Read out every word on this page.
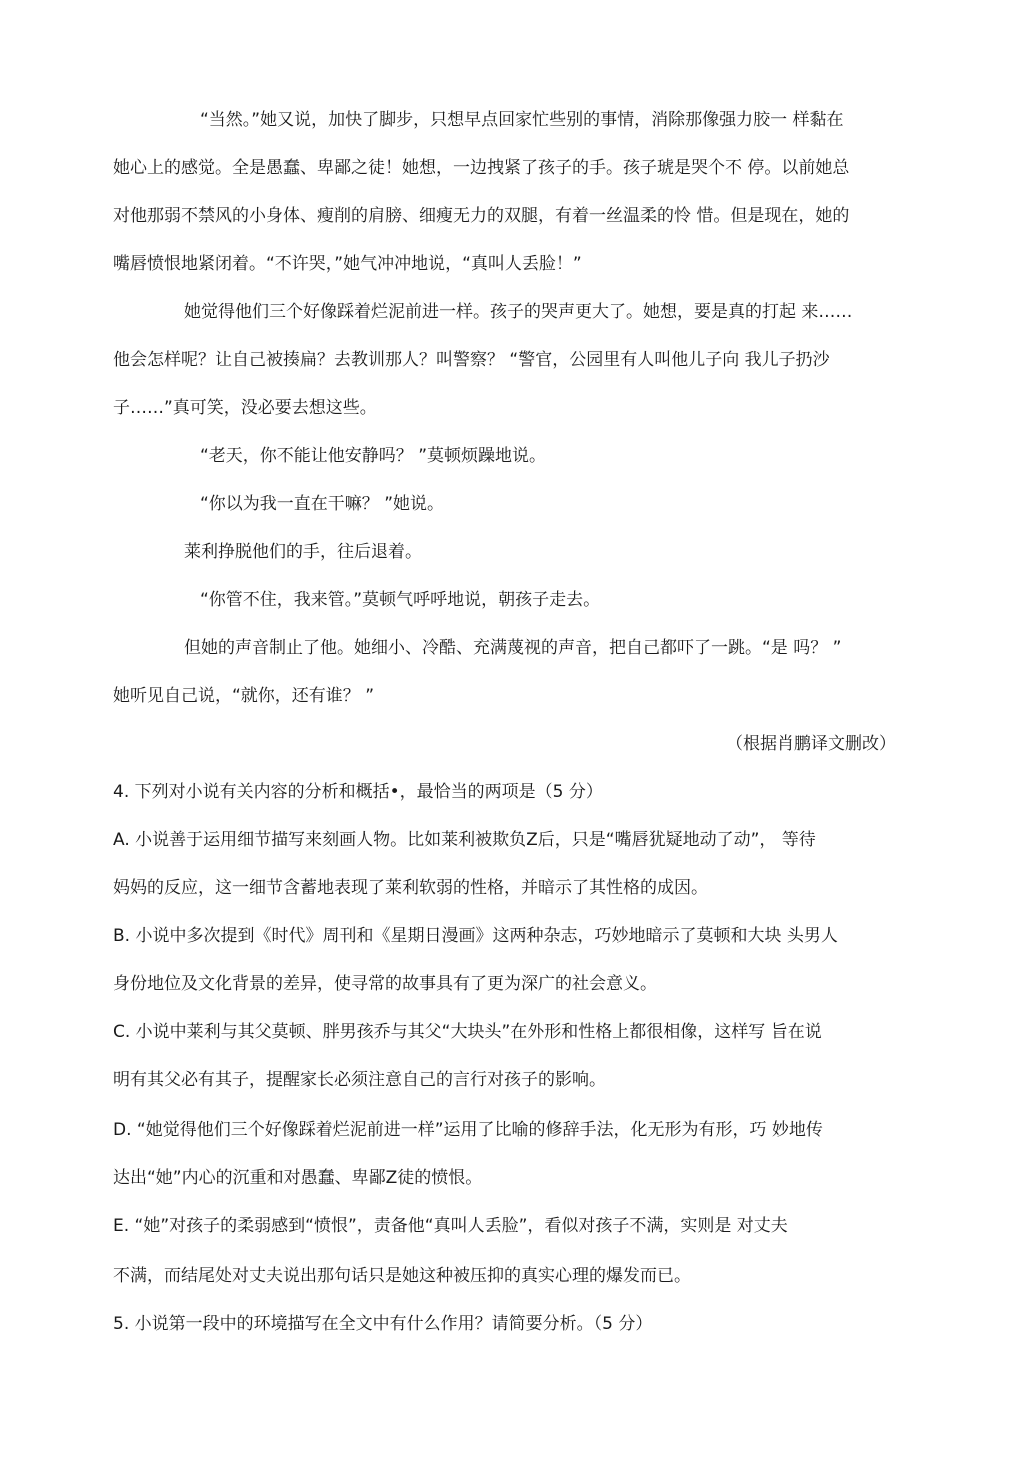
“当然。”她又说，加快了脚步，只想早点回家忙些别的事情，消除那像强力胶一 样黏在
她心上的感觉。全是愚蠢、卑鄙之徒！她想，一边拽紧了孩子的手。孩子琥是哭个不 停。以前她总
对他那弱不禁风的小身体、瘦削的肩膀、细瘦无力的双腿，有着一丝温柔的怜 惜。但是现在，她的
嘴唇愤恨地紧闭着。“不许哭，”她气冲冲地说，“真叫人丢脸！”
她觉得他们三个好像踩着烂泥前进一样。孩子的哭声更大了。她想，要是真的打起 来……
他会怎样呢？让自己被揍扁？去教训那人？叫警察？ “警官，公园里有人叫他儿子向 我儿子扔沙
子……”真可笑，没必要去想这些。
“老天，你不能让他安静吗？ ”莫顿烦躁地说。
“你以为我一直在干嘛？ ”她说。
莱利挣脱他们的手，往后退着。
“你管不住，我来管。”莫顿气呼呼地说，朝孩子走去。
但她的声音制止了他。她细小、冷酷、充满蔑视的声音，把自己都吓了一跳。“是 吗？ ”
她听见自己说，“就你，还有谁？ ”
（根据肖鹏译文删改）
4. 下列对小说有关内容的分析和概括•，最恰当的两项是（5 分）
A. 小说善于运用细节描写来刻画人物。比如莱利被欺负Z后，只是“嘴唇犹疑地动了动”， 等待
妈妈的反应，这一细节含蓄地表现了莱利软弱的性格，并暗示了其性格的成因。
B. 小说中多次提到《时代》周刊和《星期日漫画》这两种杂志，巧妙地暗示了莫顿和大块 头男人
身份地位及文化背景的差异，使寻常的故事具有了更为深广的社会意义。
C. 小说中莱利与其父莫顿、胖男孩乔与其父“大块头”在外形和性格上都很相像，这样写 旨在说
明有其父必有其子，提醒家长必须注意自己的言行对孩子的影响。
D. “她觉得他们三个好像踩着烂泥前进一样”运用了比喻的修辞手法，化无形为有形，巧 妙地传
达出“她”内心的沉重和对愚蠢、卑鄙Z徒的愤恨。
E. “她”对孩子的柔弱感到“愤恨”，责备他“真叫人丢脸”，看似对孩子不满，实则是 对丈夫
不满，而结尾处对丈夫说出那句话只是她这种被压抑的真实心理的爆发而已。
5. 小说第一段中的环境描写在全文中有什么作用？请简要分析。（5 分）
